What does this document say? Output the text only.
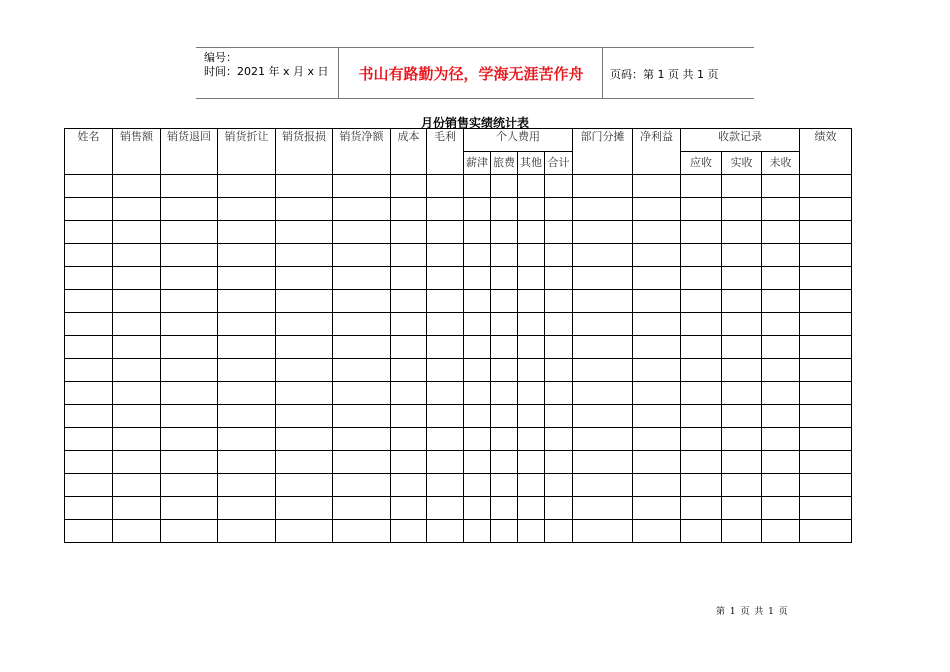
编号：
时间：2021 年 x 月 x 日	书山有路勤为径，学海无涯苦作舟	页码：第 1 页 共 1 页
月份销售实绩统计表
姓名	销售额	销货退回	销货折让	销货报损	销货净额	成本	毛利	个人费用				部门分摊	净利益	收款记录			绩效
								薪津	旅费	其他	合计			应收	实收	未收	

第 1 页 共 1 页
